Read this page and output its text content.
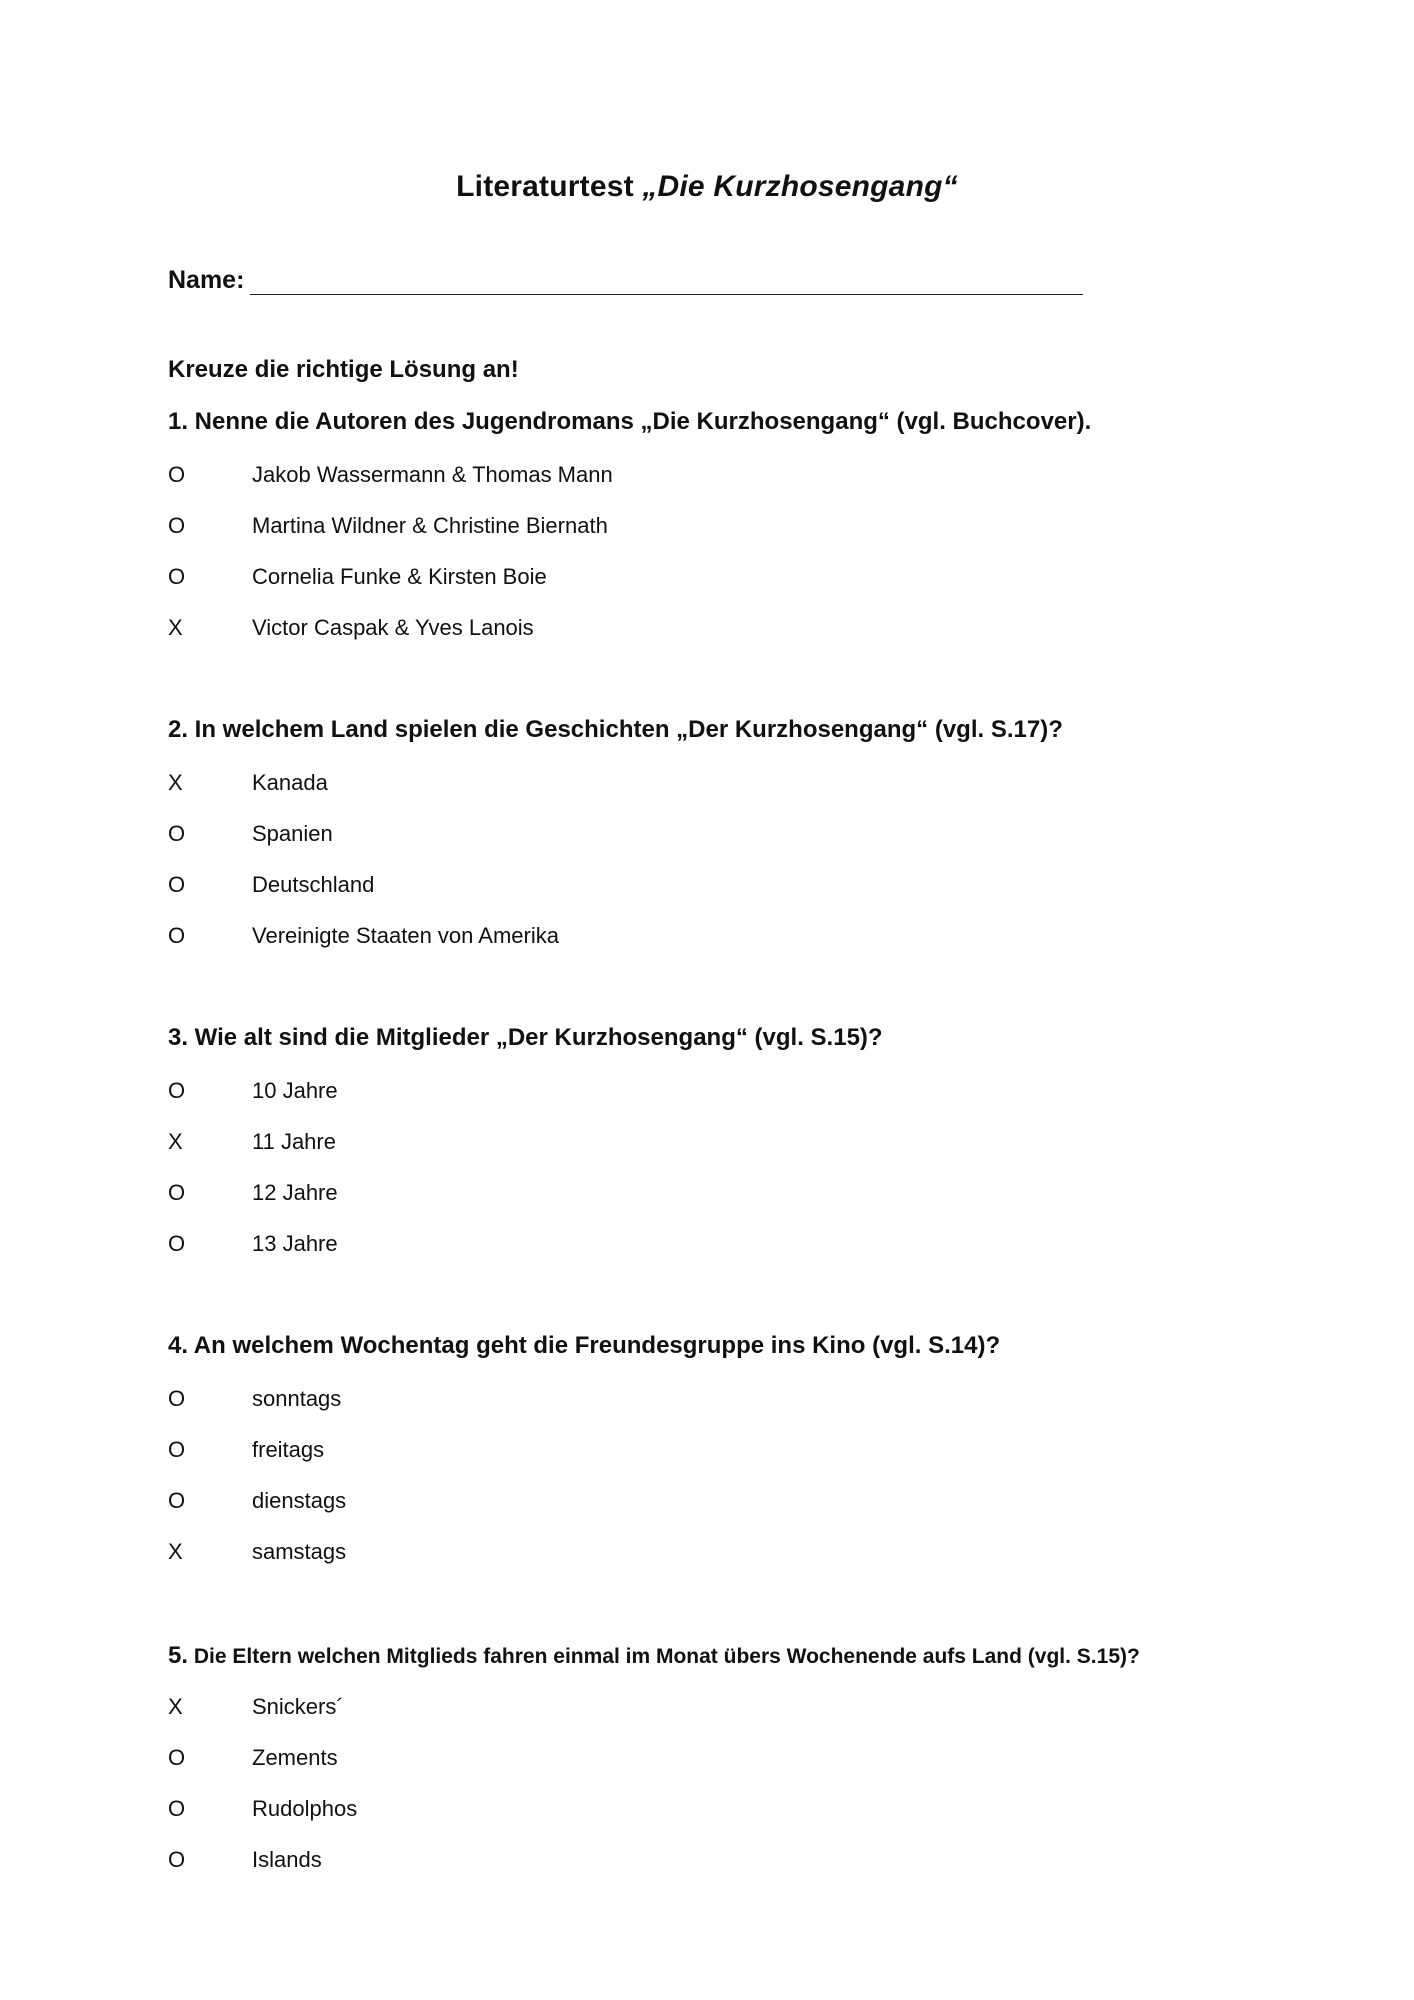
Literaturtest „Die Kurzhosengang“
Name:
Kreuze die richtige Lösung an!
1. Nenne die Autoren des Jugendromans „Die Kurzhosengang“ (vgl. Buchcover).
O	Jakob Wassermann & Thomas Mann
O	Martina Wildner & Christine Biernath
O	Cornelia Funke & Kirsten Boie
X	Victor Caspak & Yves Lanois
2. In welchem Land spielen die Geschichten „Der Kurzhosengang“ (vgl. S.17)?
X	Kanada
O	Spanien
O	Deutschland
O	Vereinigte Staaten von Amerika
3. Wie alt sind die Mitglieder „Der Kurzhosengang“ (vgl. S.15)?
O	10 Jahre
X	11 Jahre
O	12 Jahre
O	13 Jahre
4. An welchem Wochentag geht die Freundesgruppe ins Kino (vgl. S.14)?
O	sonntags
O	freitags
O	dienstags
X	samstags
5. Die Eltern welchen Mitglieds fahren einmal im Monat übers Wochenende aufs Land (vgl. S.15)?
X	Snickers´
O	Zements
O	Rudolphos
O	Islands
